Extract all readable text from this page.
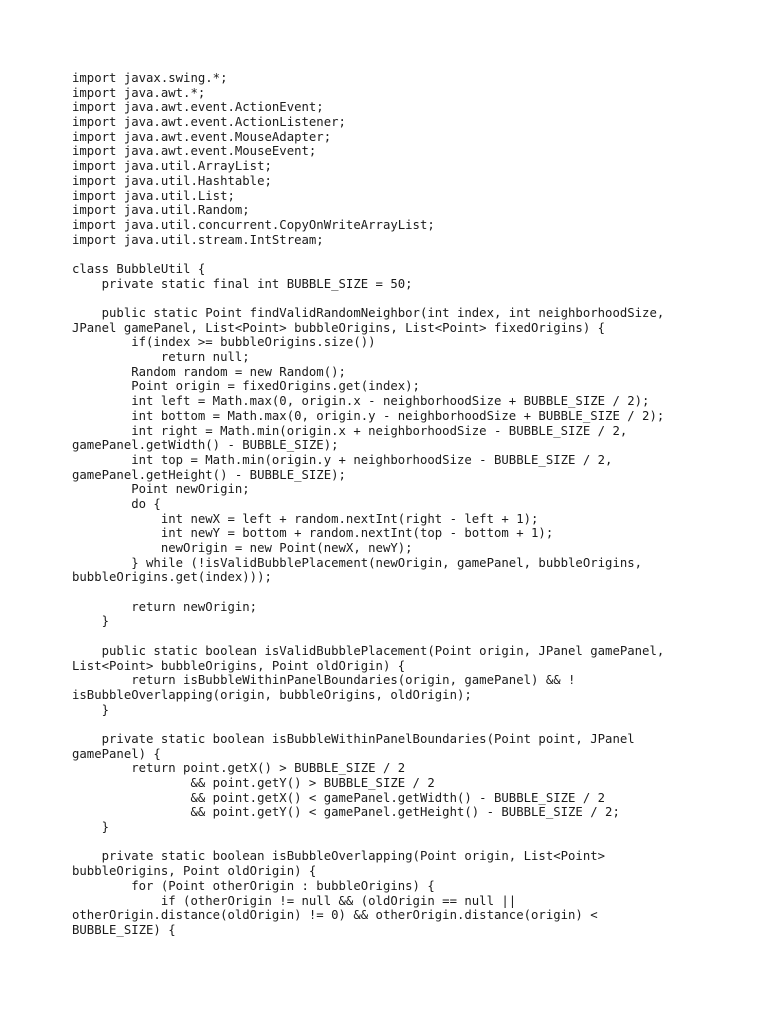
import javax.swing.*;
import java.awt.*;
import java.awt.event.ActionEvent;
import java.awt.event.ActionListener;
import java.awt.event.MouseAdapter;
import java.awt.event.MouseEvent;
import java.util.ArrayList;
import java.util.Hashtable;
import java.util.List;
import java.util.Random;
import java.util.concurrent.CopyOnWriteArrayList;
import java.util.stream.IntStream;
class BubbleUtil {
private static final int BUBBLE_SIZE = 50;
public static Point findValidRandomNeighbor(int index, int neighborhoodSize,
JPanel gamePanel, List<Point> bubbleOrigins, List<Point> fixedOrigins) {
if(index >= bubbleOrigins.size())
return null;
Random random = new Random();
Point origin = fixedOrigins.get(index);
int left = Math.max(0, origin.x - neighborhoodSize + BUBBLE_SIZE / 2);
int bottom = Math.max(0, origin.y - neighborhoodSize + BUBBLE_SIZE / 2);
int right = Math.min(origin.x + neighborhoodSize - BUBBLE_SIZE / 2,
gamePanel.getWidth() - BUBBLE_SIZE);
int top = Math.min(origin.y + neighborhoodSize - BUBBLE_SIZE / 2,
gamePanel.getHeight() - BUBBLE_SIZE);
Point newOrigin;
do {
int newX = left + random.nextInt(right - left + 1);
int newY = bottom + random.nextInt(top - bottom + 1);
newOrigin = new Point(newX, newY);
} while (!isValidBubblePlacement(newOrigin, gamePanel, bubbleOrigins,
bubbleOrigins.get(index)));
return newOrigin;
}
public static boolean isValidBubblePlacement(Point origin, JPanel gamePanel,
List<Point> bubbleOrigins, Point oldOrigin) {
return isBubbleWithinPanelBoundaries(origin, gamePanel) && !
isBubbleOverlapping(origin, bubbleOrigins, oldOrigin);
}
private static boolean isBubbleWithinPanelBoundaries(Point point, JPanel
gamePanel) {
return point.getX() > BUBBLE_SIZE / 2
&& point.getY() > BUBBLE_SIZE / 2
&& point.getX() < gamePanel.getWidth() - BUBBLE_SIZE / 2
&& point.getY() < gamePanel.getHeight() - BUBBLE_SIZE / 2;
}
private static boolean isBubbleOverlapping(Point origin, List<Point>
bubbleOrigins, Point oldOrigin) {
for (Point otherOrigin : bubbleOrigins) {
if (otherOrigin != null && (oldOrigin == null ||
otherOrigin.distance(oldOrigin) != 0) && otherOrigin.distance(origin) <
BUBBLE_SIZE) {
